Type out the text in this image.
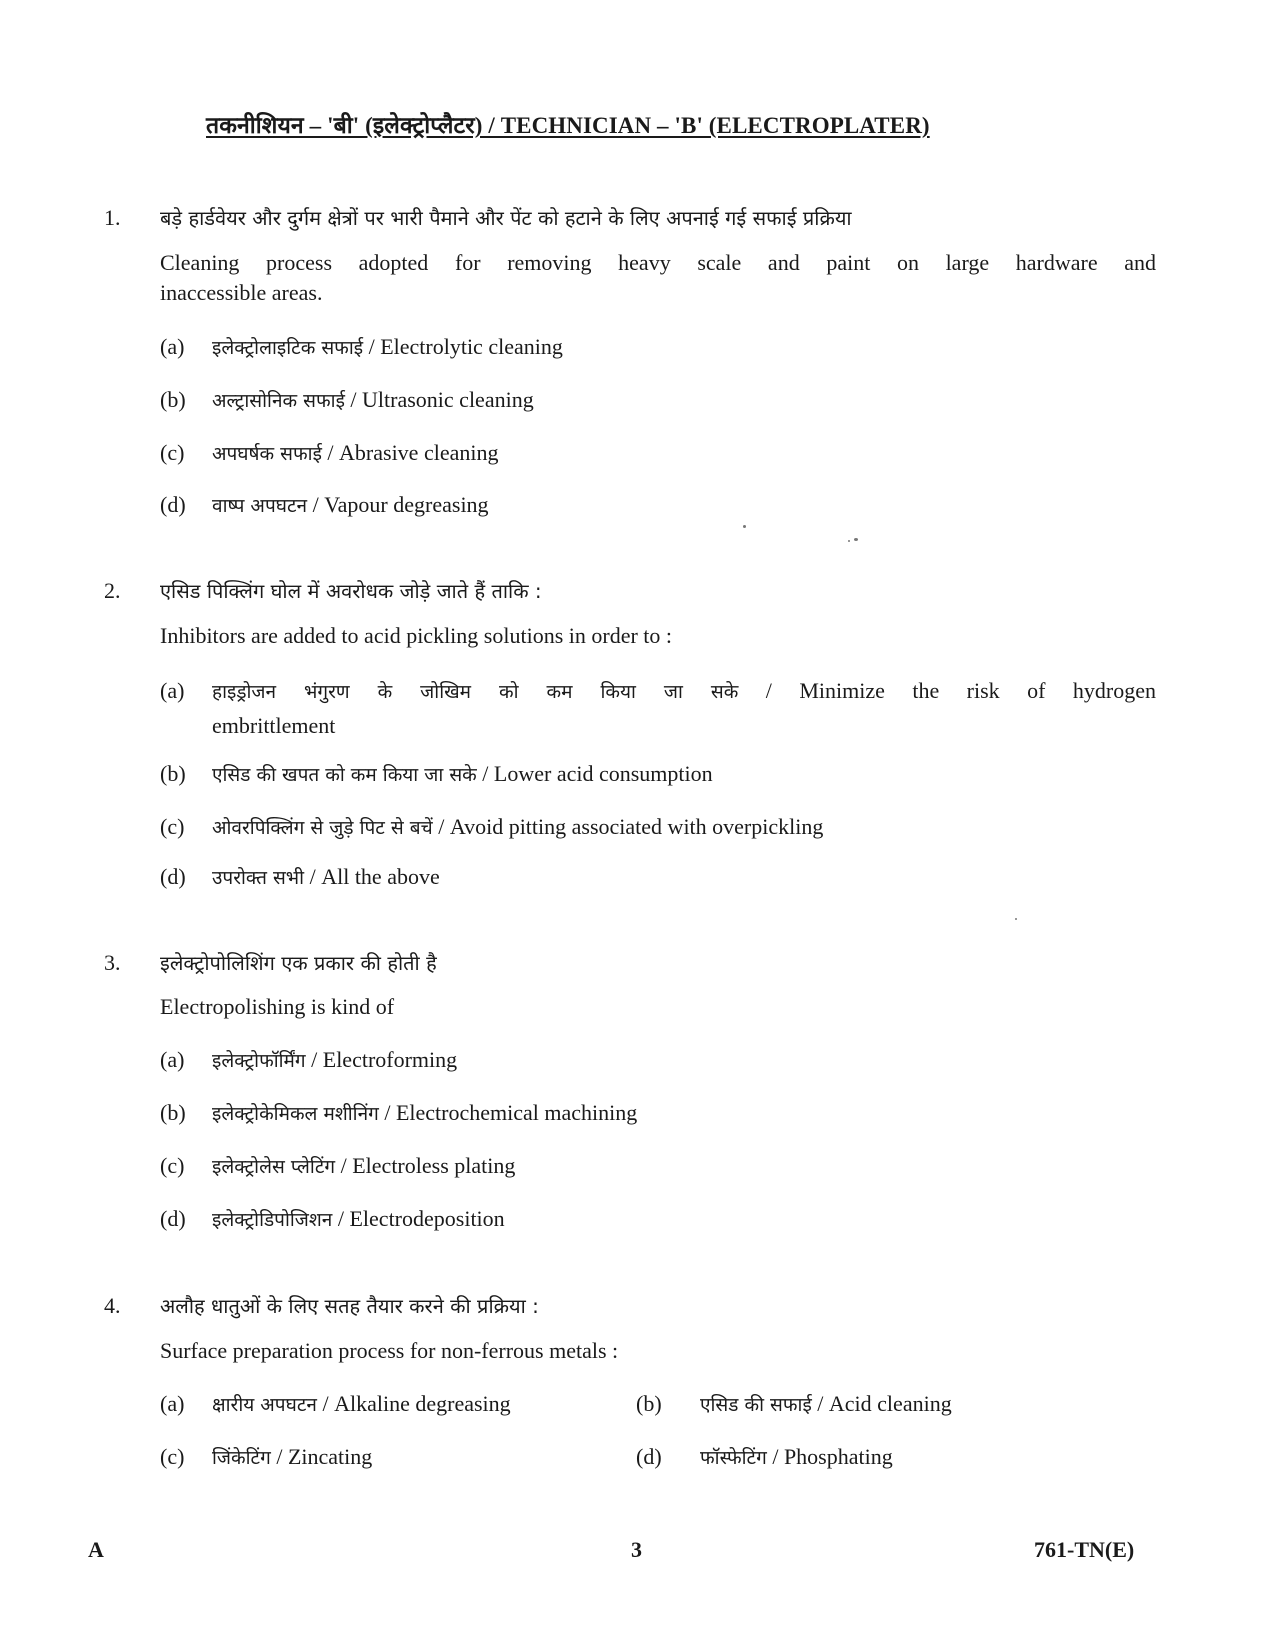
तकनीशियन – 'बी' (इलेक्ट्रोप्लैटर) / TECHNICIAN – 'B' (ELECTROPLATER)
1. बड़े हार्डवेयर और दुर्गम क्षेत्रों पर भारी पैमाने और पेंट को हटाने के लिए अपनाई गई सफाई प्रक्रिया
Cleaning process adopted for removing heavy scale and paint on large hardware and
inaccessible areas.
(a) इलेक्ट्रोलाइटिक सफाई / Electrolytic cleaning
(b) अल्ट्रासोनिक सफाई / Ultrasonic cleaning
(c) अपघर्षक सफाई / Abrasive cleaning
(d) वाष्प अपघटन / Vapour degreasing
2. एसिड पिक्लिंग घोल में अवरोधक जोड़े जाते हैं ताकि :
Inhibitors are added to acid pickling solutions in order to :
(a) हाइड्रोजन भंगुरण के जोखिम को कम किया जा सके / Minimize the risk of hydrogen
embrittlement
(b) एसिड की खपत को कम किया जा सके / Lower acid consumption
(c) ओवरपिक्लिंग से जुड़े पिट से बचें / Avoid pitting associated with overpickling
(d) उपरोक्त सभी / All the above
3. इलेक्ट्रोपोलिशिंग एक प्रकार की होती है
Electropolishing is kind of
(a) इलेक्ट्रोफॉर्मिंग / Electroforming
(b) इलेक्ट्रोकेमिकल मशीनिंग / Electrochemical machining
(c) इलेक्ट्रोलेस प्लेटिंग / Electroless plating
(d) इलेक्ट्रोडिपोजिशन / Electrodeposition
4. अलौह धातुओं के लिए सतह तैयार करने की प्रक्रिया :
Surface preparation process for non-ferrous metals :
(a) क्षारीय अपघटन / Alkaline degreasing	(b) एसिड की सफाई / Acid cleaning
(c) जिंकेटिंग / Zincating	(d) फॉस्फेटिंग / Phosphating
A	3	761-TN(E)
